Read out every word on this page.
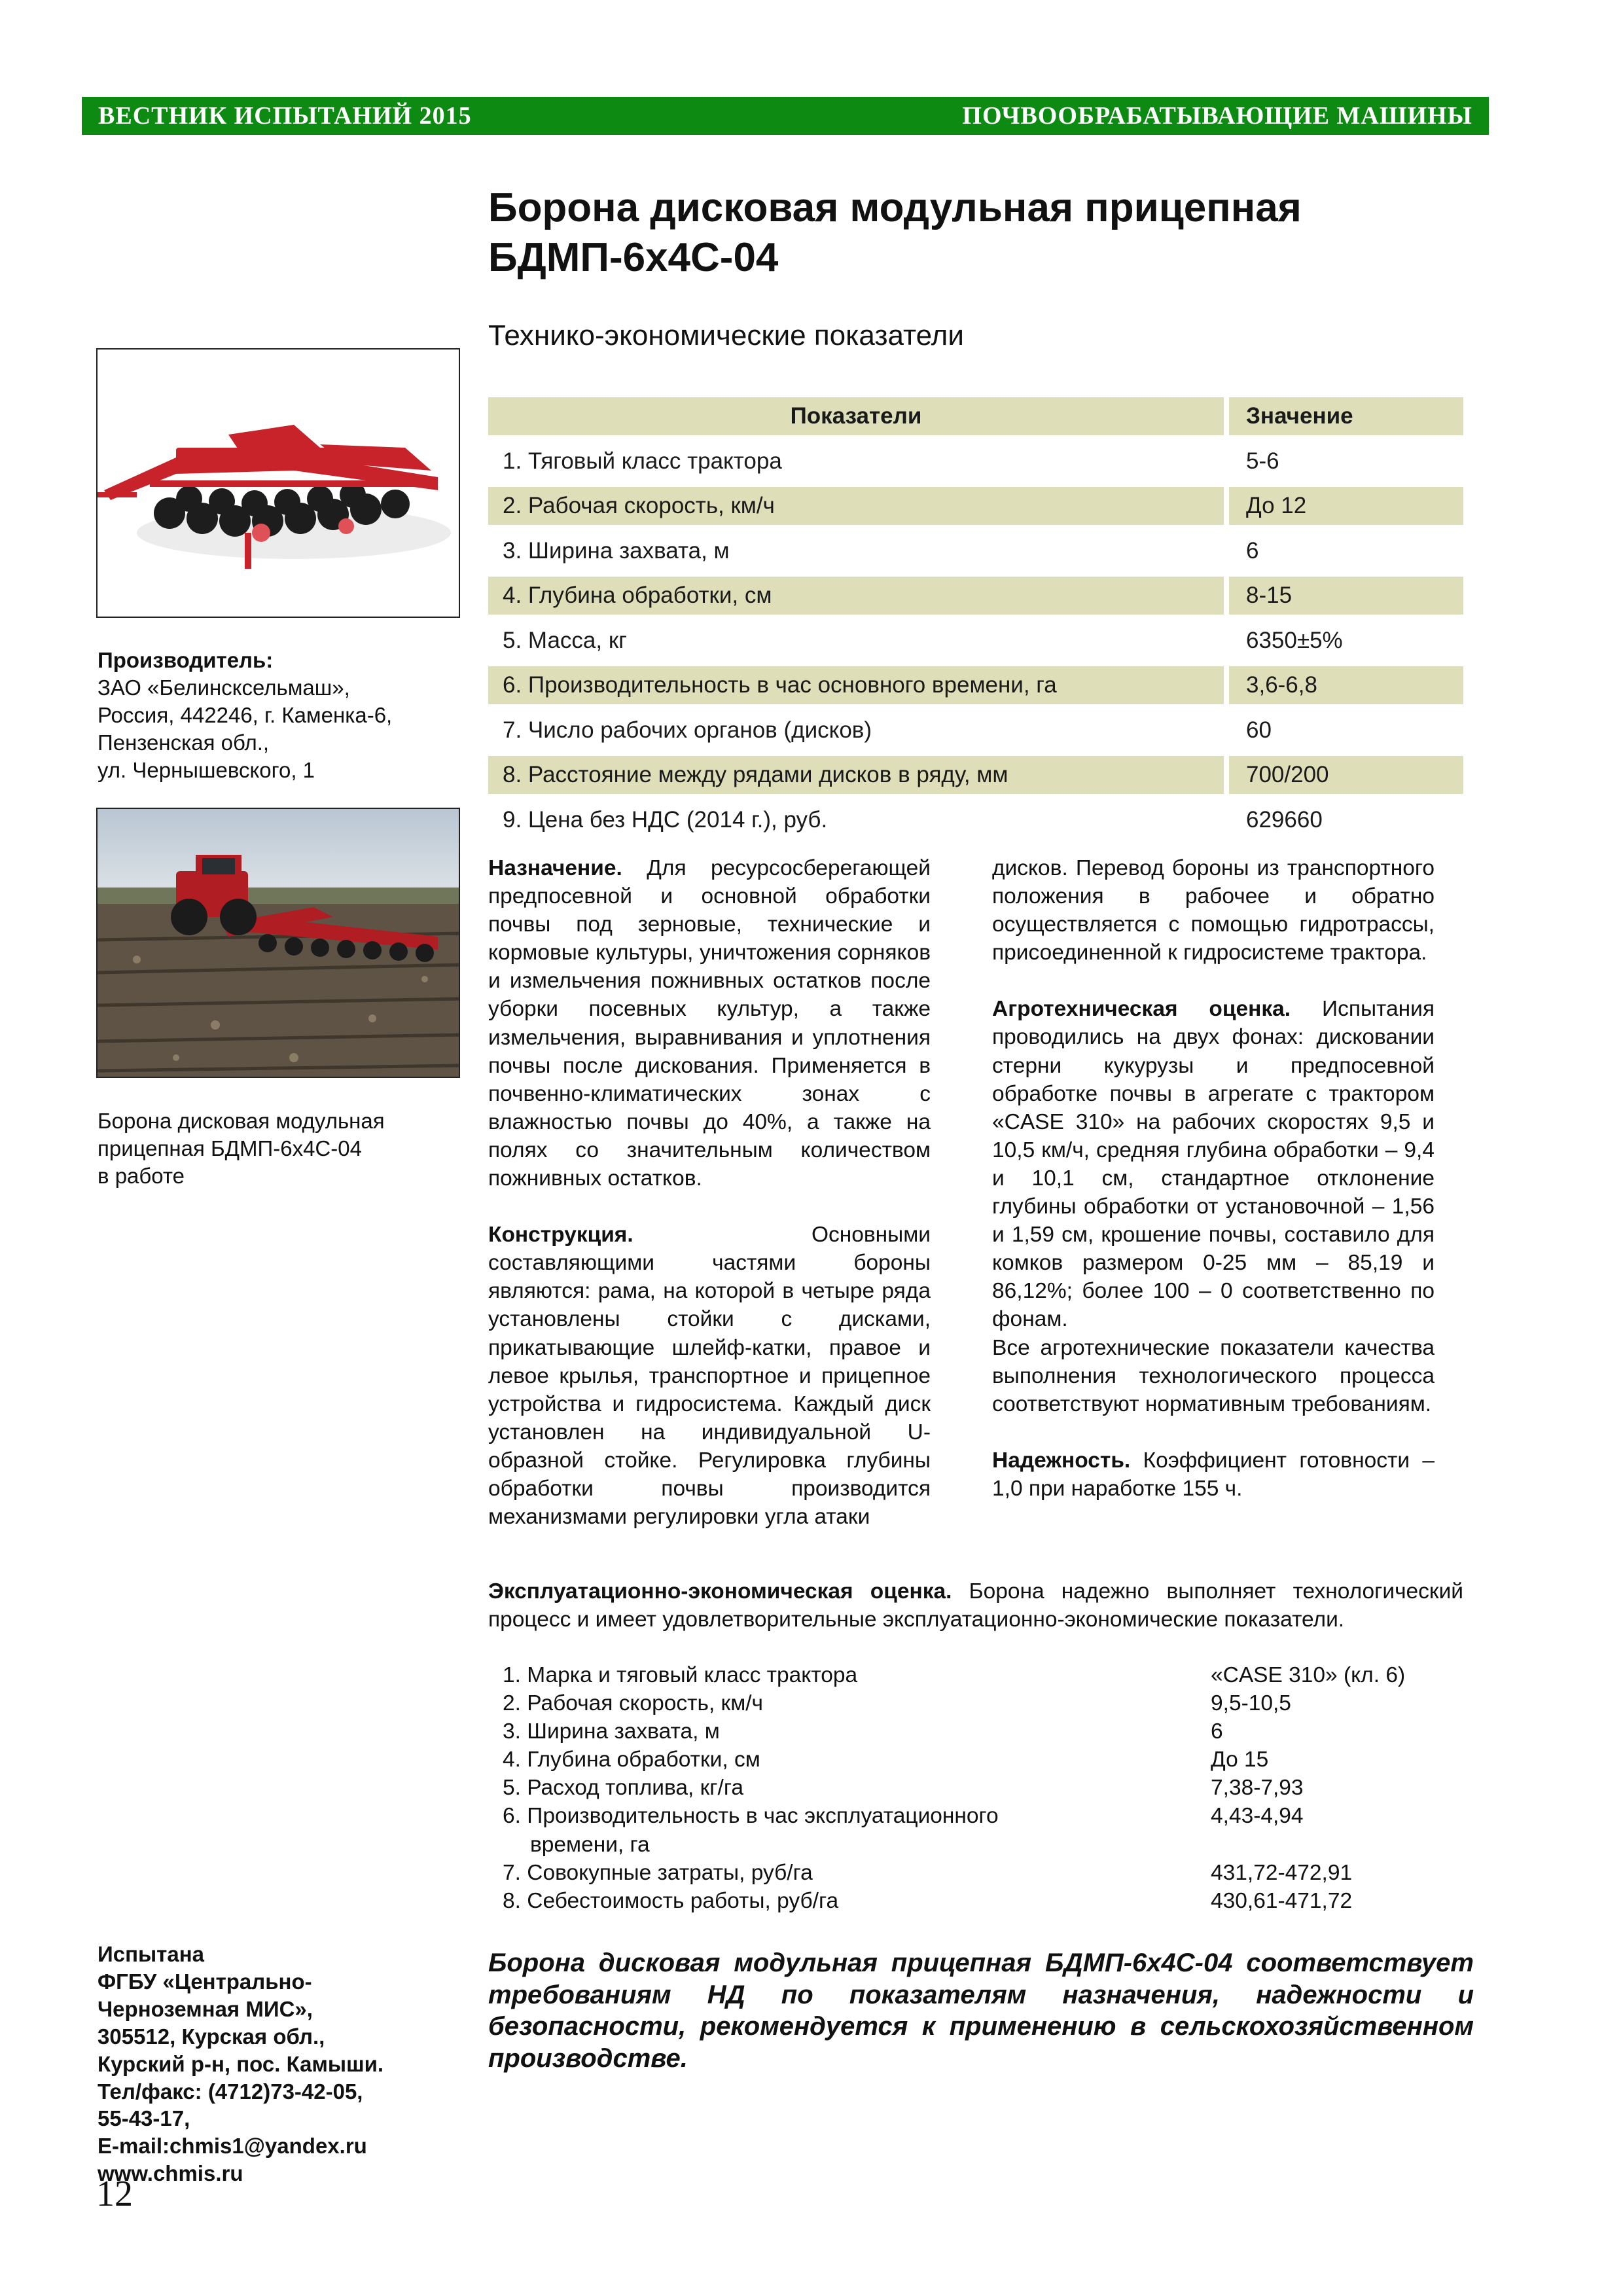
ВЕСТНИК ИСПЫТАНИЙ 2015	ПОЧВООБРАБАТЫВАЮЩИЕ МАШИНЫ
Борона дисковая модульная прицепная
БДМП-6х4С-04
Технико-экономические показатели
Производитель:
ЗАО «Белинсксельмаш»,
Россия, 442246, г. Каменка-6,
Пензенская обл.,
ул. Чернышевского, 1
Борона дисковая модульная
прицепная БДМП-6х4С-04
в работе
Показатели	Значение
1. Тяговый класс трактора	5-6
2. Рабочая скорость, км/ч	До 12
3. Ширина захвата, м	6
4. Глубина обработки, см	8-15
5. Масса, кг	6350±5%
6. Производительность в час основного времени, га	3,6-6,8
7. Число рабочих органов (дисков)	60
8. Расстояние между рядами дисков в ряду, мм	700/200
9. Цена без НДС (2014 г.), руб.	629660

Назначение. Для ресурсосберегающей предпосевной и основной обработки почвы под зерновые, технические и кормовые культуры, уничтожения сорняков и измельчения пожнивных остатков после уборки посевных культур, а также измельчения, выравнивания и уплотнения почвы после дискования. Применяется в почвенно-климатических зонах с влажностью почвы до 40%, а также на полях со значительным количеством пожнивных остатков.

Конструкция.	Основными составляющими частями бороны являются: рама, на которой в четыре ряда установлены стойки с дисками, прикатывающие шлейф-катки, правое и левое крылья, транспортное и прицепное устройства и гидросистема. Каждый диск установлен на индивидуальной U-образной стойке. Регулировка глубины обработки почвы производится механизмами регулировки угла атаки

дисков. Перевод бороны из транспортного положения в рабочее и обратно осуществляется с помощью гидротрассы, присоединенной к гидросистеме трактора.

Агротехническая оценка. Испытания проводились на двух фонах: дисковании стерни кукурузы и предпосевной обработке почвы в агрегате с трактором «CASE 310» на рабочих скоростях 9,5 и 10,5 км/ч, средняя глубина обработки – 9,4 и 10,1 см, стандартное отклонение глубины обработки от установочной – 1,56 и 1,59 см, крошение почвы, составило для комков размером 0-25 мм – 85,19 и 86,12%; более 100 – 0 соответственно по фонам.

Все агротехнические показатели качества выполнения технологического процесса соответствуют нормативным требованиям.

Надежность. Коэффициент готовности – 1,0 при наработке 155 ч.

Эксплуатационно-экономическая оценка. Борона надежно выполняет технологический процесс и имеет удовлетворительные эксплуатационно-экономические показатели.
1. Марка и тяговый класс трактора	«CASE 310» (кл. 6)
2. Рабочая скорость, км/ч	9,5-10,5
3. Ширина захвата, м	6
4. Глубина обработки, см	До 15
5. Расход топлива, кг/га	7,38-7,93
6. Производительность в час эксплуатационного	4,43-4,94
времени, га
7. Совокупные затраты, руб/га	431,72-472,91
8. Себестоимость работы, руб/га	430,61-471,72
Борона дисковая модульная прицепная БДМП-6х4С-04 соответствует требованиям НД по показателям назначения, надежности и безопасности, рекомендуется к применению в сельскохозяйственном производстве.
Испытана
ФГБУ «Центрально-
Черноземная МИС»,
305512, Курская обл.,
Курский р-н, пос. Камыши.
Тел/факс: (4712)73-42-05,
55-43-17,
E-mail:chmis1@yandex.ru
www.chmis.ru
12
